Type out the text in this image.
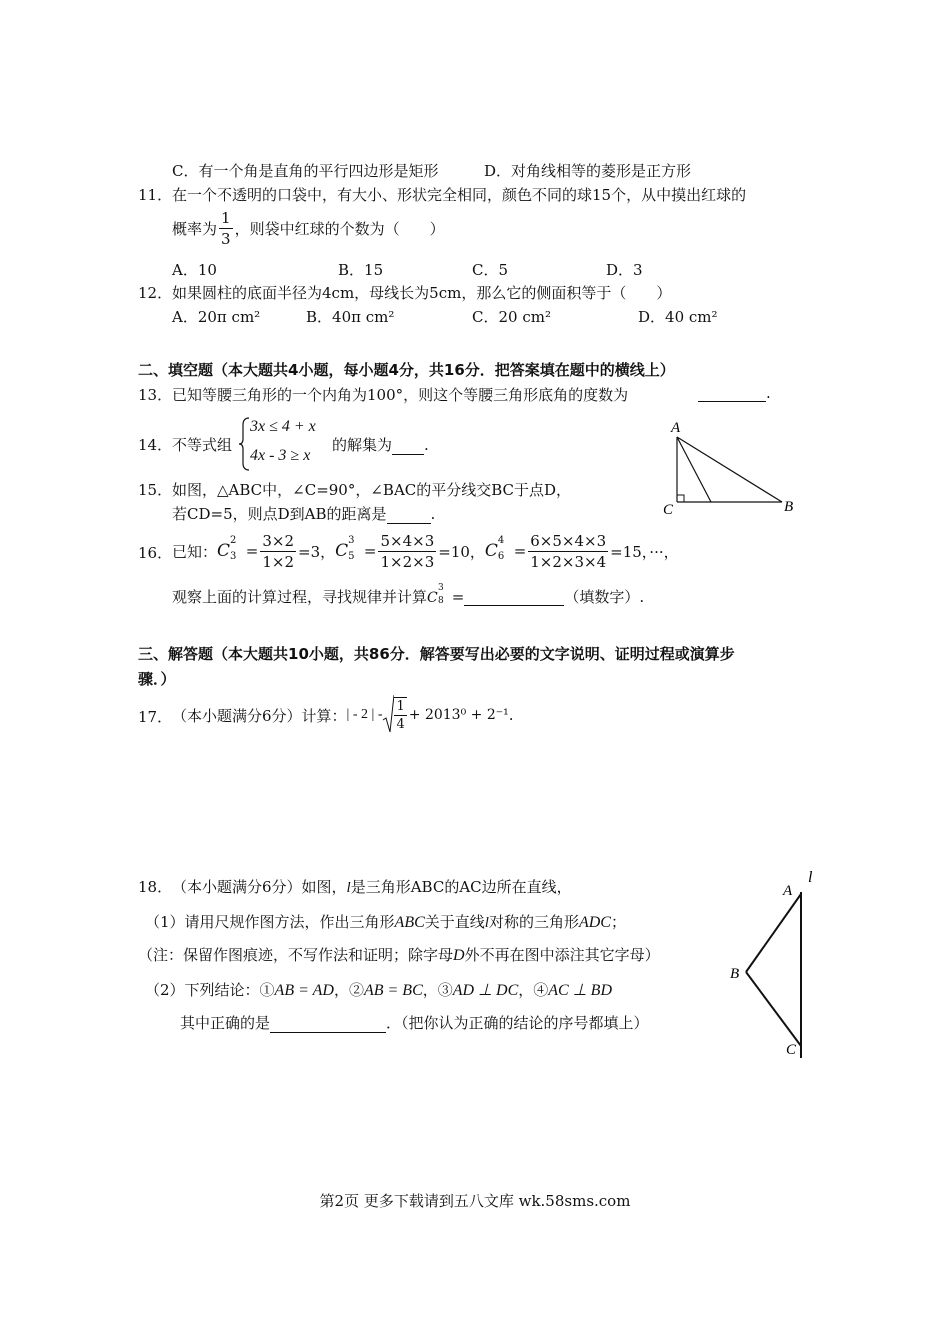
C．有一个角是直角的平行四边形是矩形	D．对角线相等的菱形是正方形
11． 在一个不透明的口袋中，有大小、形状完全相同，颜色不同的球15个，从中摸出红球的
概率为 $\frac{1}{3}$ ，则袋中红球的个数为（　　）
A．10	B．15	C．5	D．3
12． 如果圆柱的底面半径为4cm，母线长为5cm，那么它的侧面积等于（　　）
A．20π cm²	B．40π cm²	C．20 cm²	D．40 cm²
二、填空题（本大题共4小题，每小题4分，共16分．把答案填在题中的横线上）
13． 已知等腰三角形的一个内角为100°，则这个等腰三角形底角的度数为	.
14． 不等式组
3x ≤ 4 + x
4x - 3 ≥ x
的解集为 .
A
C	B
15． 如图，△ABC中，∠C=90°，∠BAC的平分线交BC于点D，
若CD=5，则点D到AB的距离是	.
16． 已知： C
2
$3 = \frac{3\times 2}{1\times 2} =3$， C
3
$5 = \frac{5\times 4\times 3}{1\times 2\times 3} =10$， C
4
$6 = \frac{6\times 5\times 4\times 3}{1\times 2\times 3\times 4} =15$，···，
观察上面的计算过程，寻找规律并计算 C
3
8 =	（填数字）.
三、解答题（本大题共10小题，共86分．解答要写出必要的文字说明、证明过程或演算步
骤．）
17． （本小题满分6分）计算： | - 2 | - $\frac{1}{4} + 2013^0 + 2^{-1}$ .
18． （本小题满分6分）如图，l是三角形ABC的AC边所在直线，
（1）请用尺规作图方法，作出三角形ABC关于直线l对称的三角形ADC；
（注：保留作图痕迹，不写作法和证明；除字母D外不再在图中添注其它字母）
（2）下列结论：①AB = AD，②AB = BC，③AD ⊥ DC，④AC ⊥ BD
其中正确的是	．（把你认为正确的结论的序号都填上）
A
l
B
C
第2页 更多下载请到五八文库 wk.58sms.com
